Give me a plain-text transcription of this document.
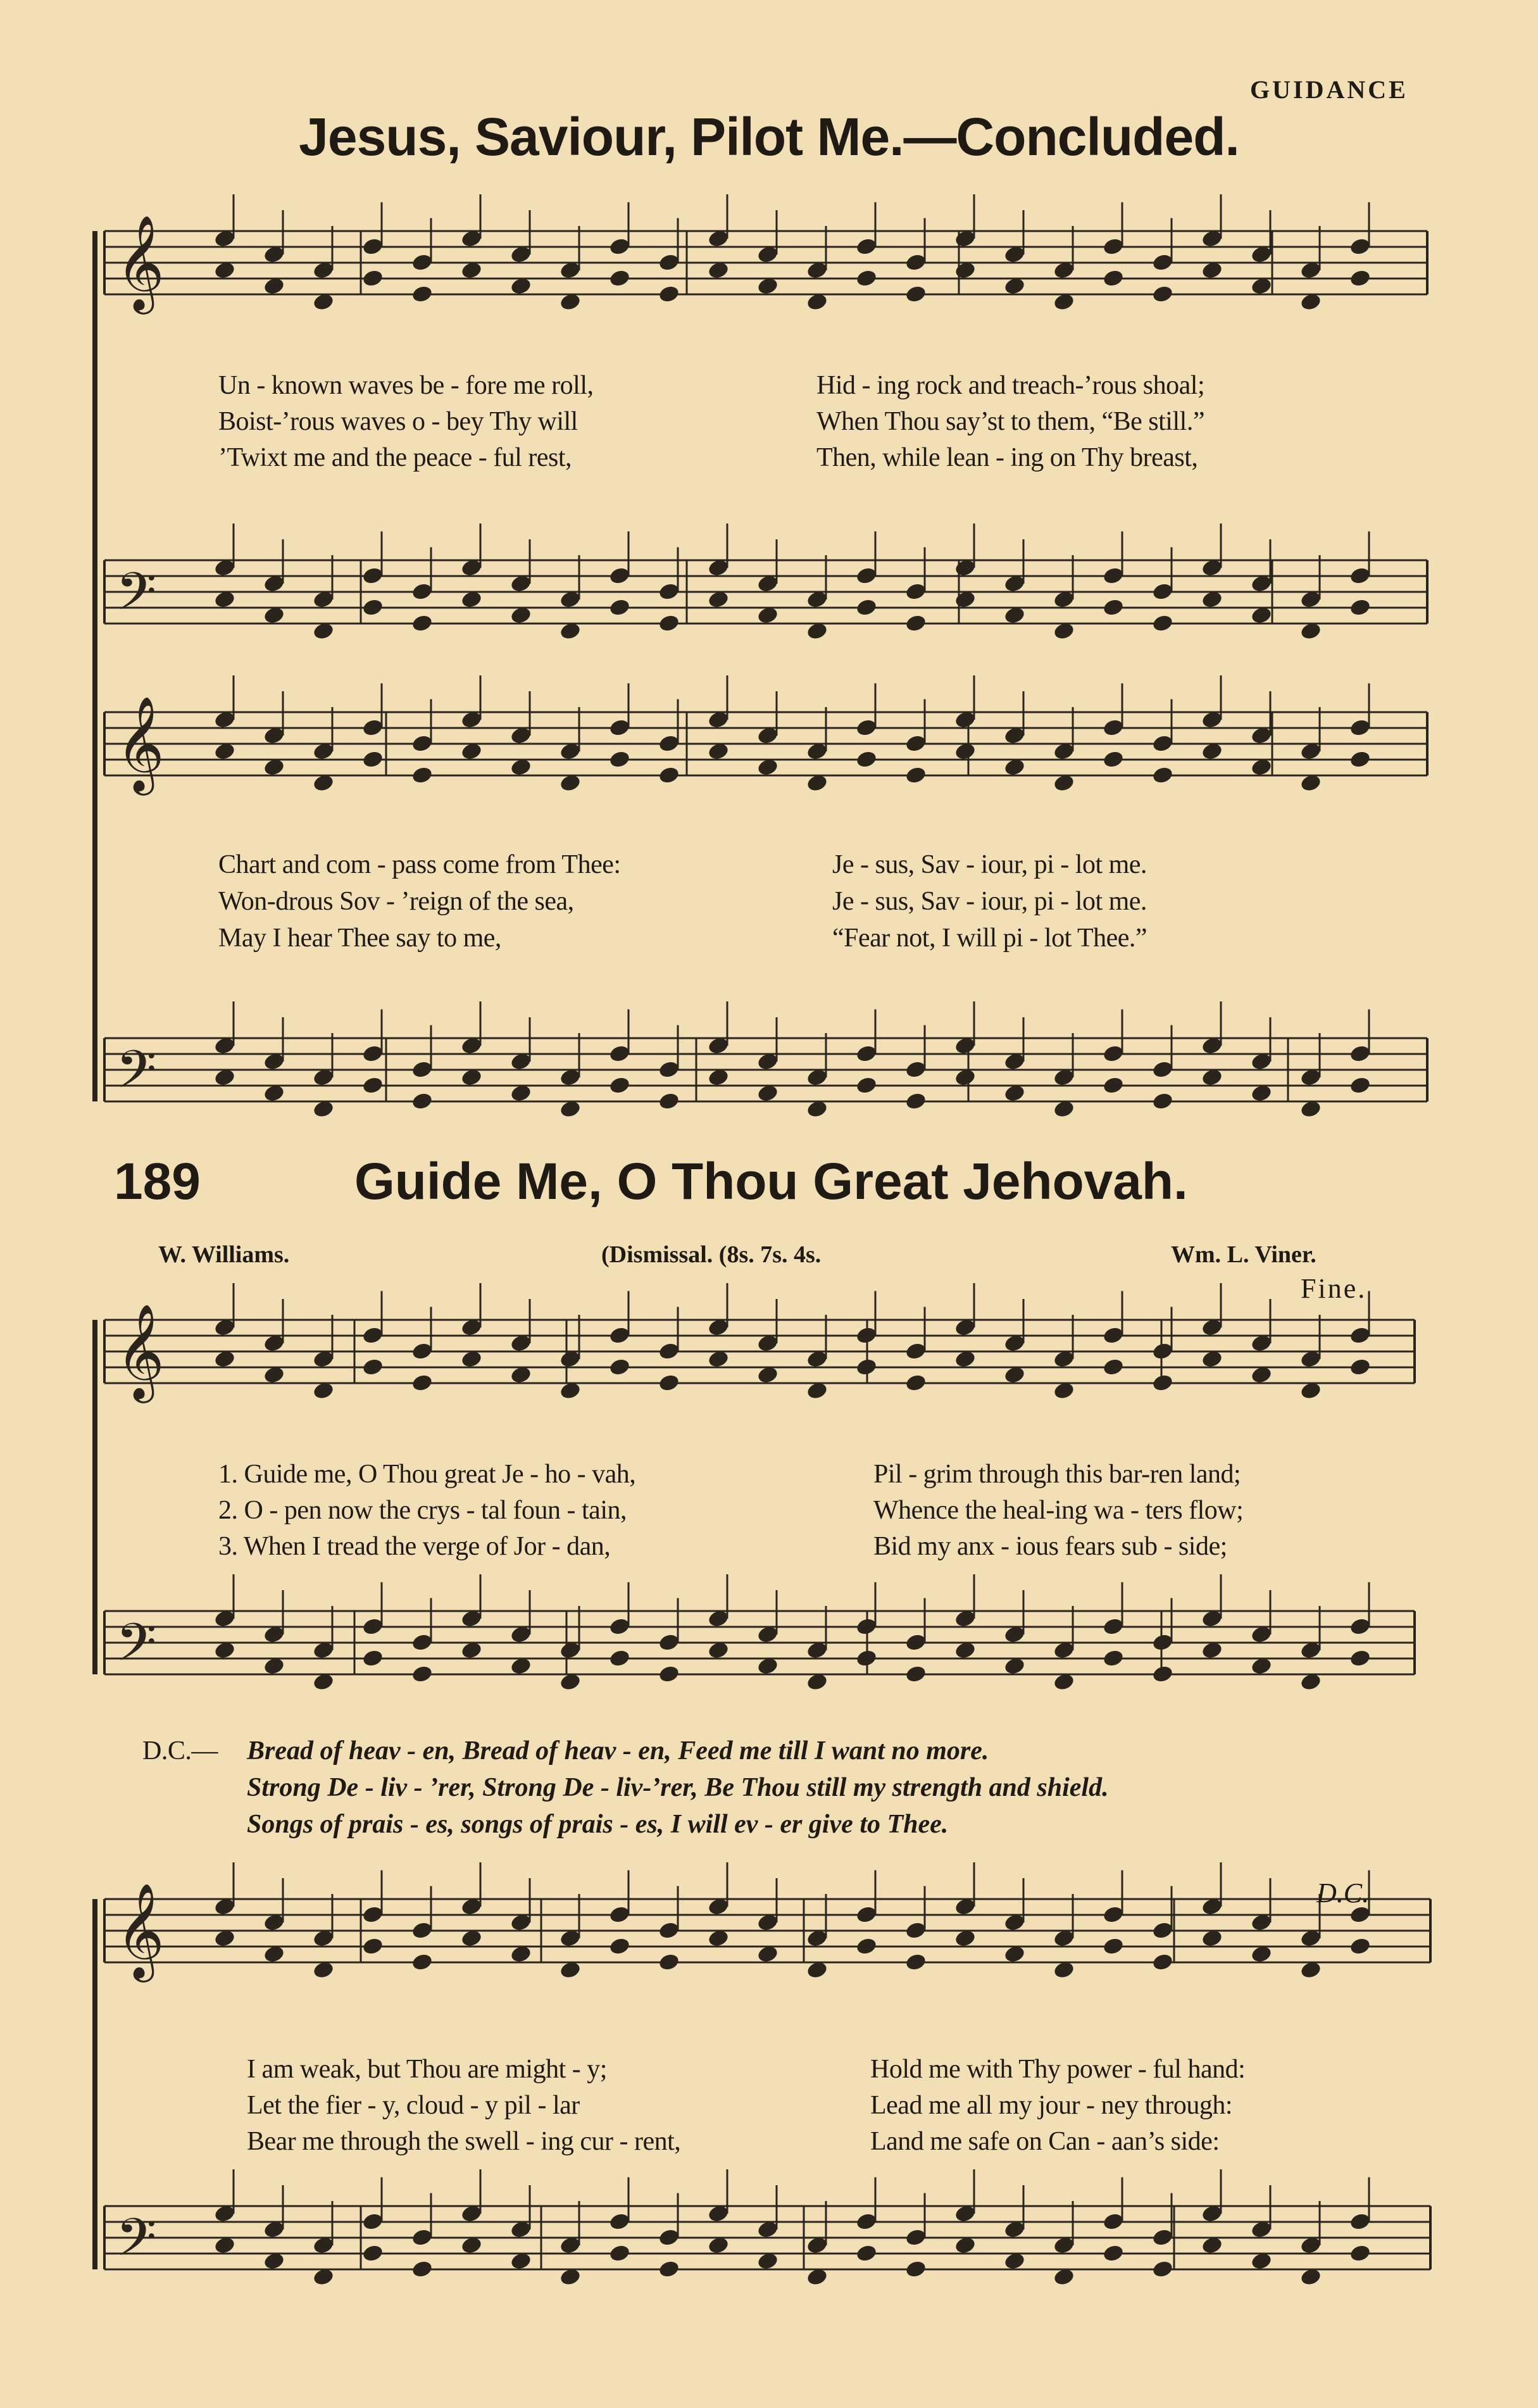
𝄞
𝄢
𝄞
𝄢
𝄞
𝄢
𝄞
𝄢
GUIDANCE
Jesus, Saviour, Pilot Me.—Concluded.
Un - known waves be - fore me roll,	Hid - ing rock and treach-’rous shoal;
Boist-’rous waves o - bey Thy will	When Thou say’st to them, “Be still.”
’Twixt me and the peace - ful rest,	Then, while lean - ing on Thy breast,
Chart and com - pass come from Thee:	Je - sus, Sav - iour, pi - lot me.
Won-drous Sov - ’reign of the sea,	Je - sus, Sav - iour, pi - lot me.
May I hear Thee say to me,	“Fear not, I will pi - lot Thee.”
189	Guide Me, O Thou Great Jehovah.
W. Williams.	(Dismissal. (8s. 7s. 4s.	Wm. L. Viner.
Fine.
1. Guide me, O Thou great Je - ho - vah,	Pil - grim through this bar-ren land;
2. O - pen now the crys - tal foun - tain,	Whence the heal-ing wa - ters flow;
3. When I tread the verge of Jor - dan,	Bid my anx - ious fears sub - side;
D.C.— Bread of heav - en, Bread of heav - en, Feed me till I want no more.
Strong De - liv - ’rer, Strong De - liv-’rer, Be Thou still my strength and shield.
Songs of prais - es, songs of prais - es, I will ev - er give to Thee.
D.C.
I am weak, but Thou are might - y;	Hold me with Thy power - ful hand:
Let the fier - y, cloud - y pil - lar	Lead me all my jour - ney through:
Bear me through the swell - ing cur - rent,	Land me safe on Can - aan’s side:
